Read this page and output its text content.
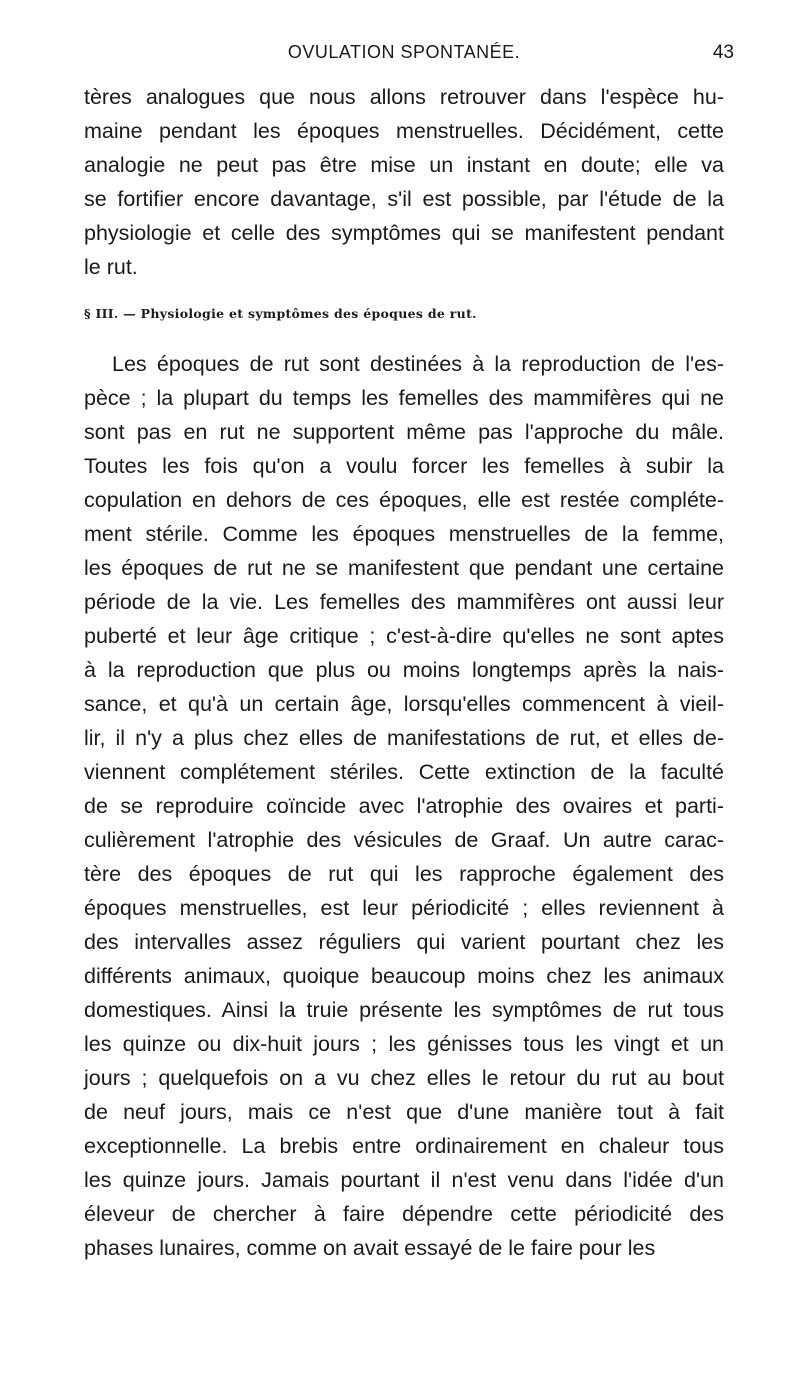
OVULATION SPONTANÉE.	43
tères analogues que nous allons retrouver dans l'espèce hu-
maine pendant les époques menstruelles. Décidément, cette
analogie ne peut pas être mise un instant en doute; elle va
se fortifier encore davantage, s'il est possible, par l'étude de la
physiologie et celle des symptômes qui se manifestent pendant
le rut.
§ III. — Physiologie et symptômes des époques de rut.
Les époques de rut sont destinées à la reproduction de l'es-
pèce ; la plupart du temps les femelles des mammifères qui ne
sont pas en rut ne supportent même pas l'approche du mâle.
Toutes les fois qu'on a voulu forcer les femelles à subir la
copulation en dehors de ces époques, elle est restée compléte-
ment stérile. Comme les époques menstruelles de la femme,
les époques de rut ne se manifestent que pendant une certaine
période de la vie. Les femelles des mammifères ont aussi leur
puberté et leur âge critique ; c'est-à-dire qu'elles ne sont aptes
à la reproduction que plus ou moins longtemps après la nais-
sance, et qu'à un certain âge, lorsqu'elles commencent à vieil-
lir, il n'y a plus chez elles de manifestations de rut, et elles de-
viennent complétement stériles. Cette extinction de la faculté
de se reproduire coïncide avec l'atrophie des ovaires et parti-
culièrement l'atrophie des vésicules de Graaf. Un autre carac-
tère des époques de rut qui les rapproche également des
époques menstruelles, est leur périodicité ; elles reviennent à
des intervalles assez réguliers qui varient pourtant chez les
différents animaux, quoique beaucoup moins chez les animaux
domestiques. Ainsi la truie présente les symptômes de rut tous
les quinze ou dix-huit jours ; les génisses tous les vingt et un
jours ; quelquefois on a vu chez elles le retour du rut au bout
de neuf jours, mais ce n'est que d'une manière tout à fait
exceptionnelle. La brebis entre ordinairement en chaleur tous
les quinze jours. Jamais pourtant il n'est venu dans l'idée d'un
éleveur de chercher à faire dépendre cette périodicité des
phases lunaires, comme on avait essayé de le faire pour les
